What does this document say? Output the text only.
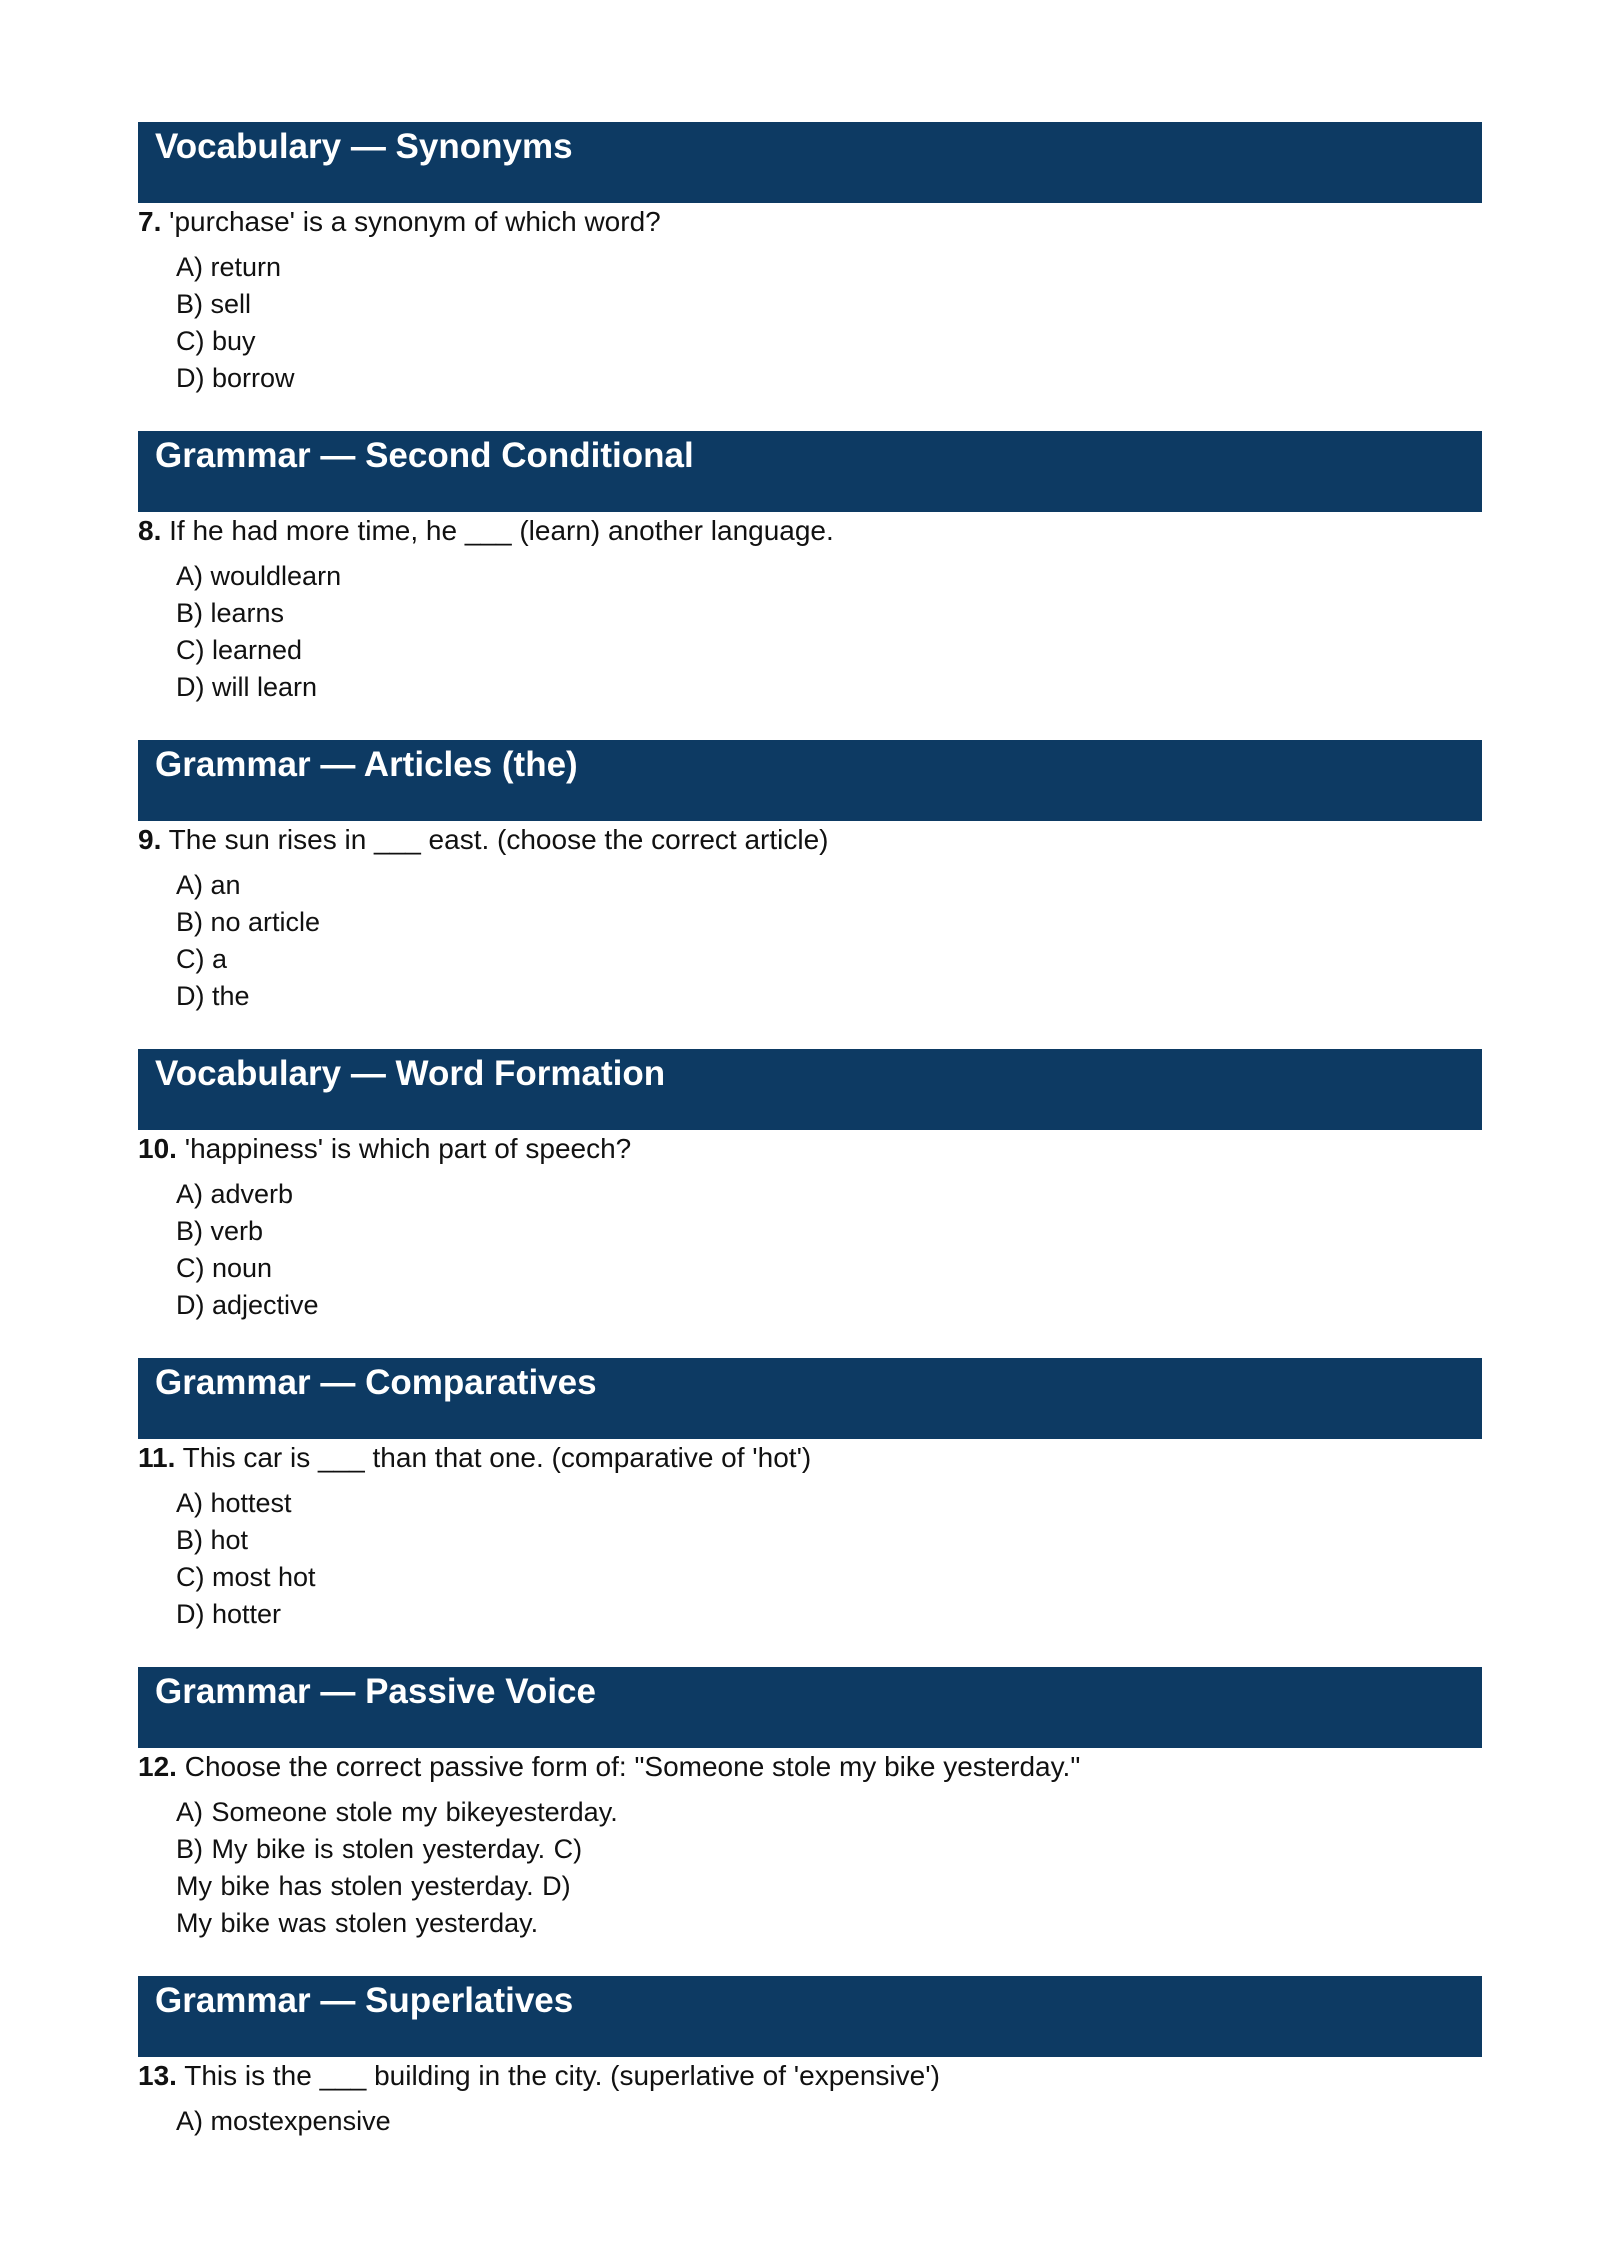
Vocabulary — Synonyms
7. 'purchase' is a synonym of which word?
A) return
B) sell
C) buy
D) borrow
Grammar — Second Conditional
8. If he had more time, he ___ (learn) another language.
A) wouldlearn
B) learns
C) learned
D) will learn
Grammar — Articles (the)
9. The sun rises in ___ east. (choose the correct article)
A) an
B) no article
C) a
D) the
Vocabulary — Word Formation
10. 'happiness' is which part of speech?
A) adverb
B) verb
C) noun
D) adjective
Grammar — Comparatives
11. This car is ___ than that one. (comparative of 'hot')
A) hottest
B) hot
C) most hot
D) hotter
Grammar — Passive Voice
12. Choose the correct passive form of: "Someone stole my bike yesterday."
A) Someone stole my bikeyesterday.
B) My bike is stolen yesterday. C)
My bike has stolen yesterday. D)
My bike was stolen yesterday.
Grammar — Superlatives
13. This is the ___ building in the city. (superlative of 'expensive')
A) mostexpensive
